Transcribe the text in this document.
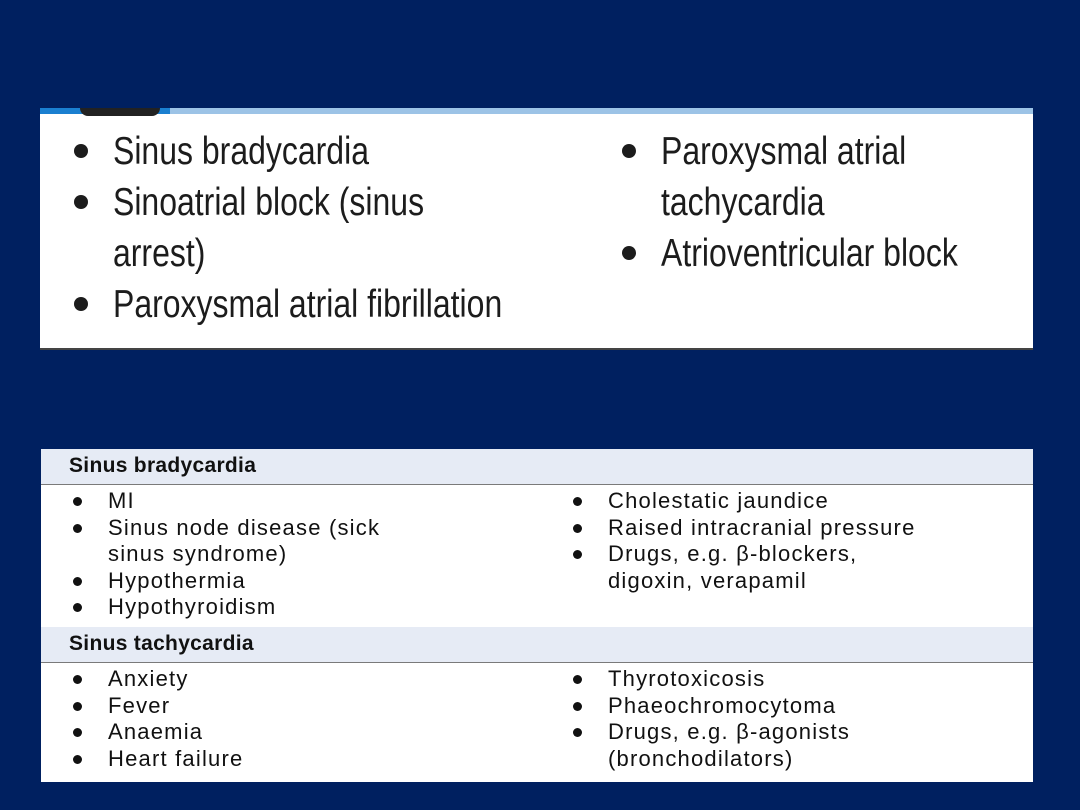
Sinus bradycardia
Sinoatrial block (sinus
arrest)
Paroxysmal atrial fibrillation
Paroxysmal atrial
tachycardia
Atrioventricular block
Sinus bradycardia
MI
Sinus node disease (sick
sinus syndrome)
Hypothermia
Hypothyroidism
Cholestatic jaundice
Raised intracranial pressure
Drugs, e.g. β-blockers,
digoxin, verapamil
Sinus tachycardia
Anxiety
Fever
Anaemia
Heart failure
Thyrotoxicosis
Phaeochromocytoma
Drugs, e.g. β-agonists
(bronchodilators)
